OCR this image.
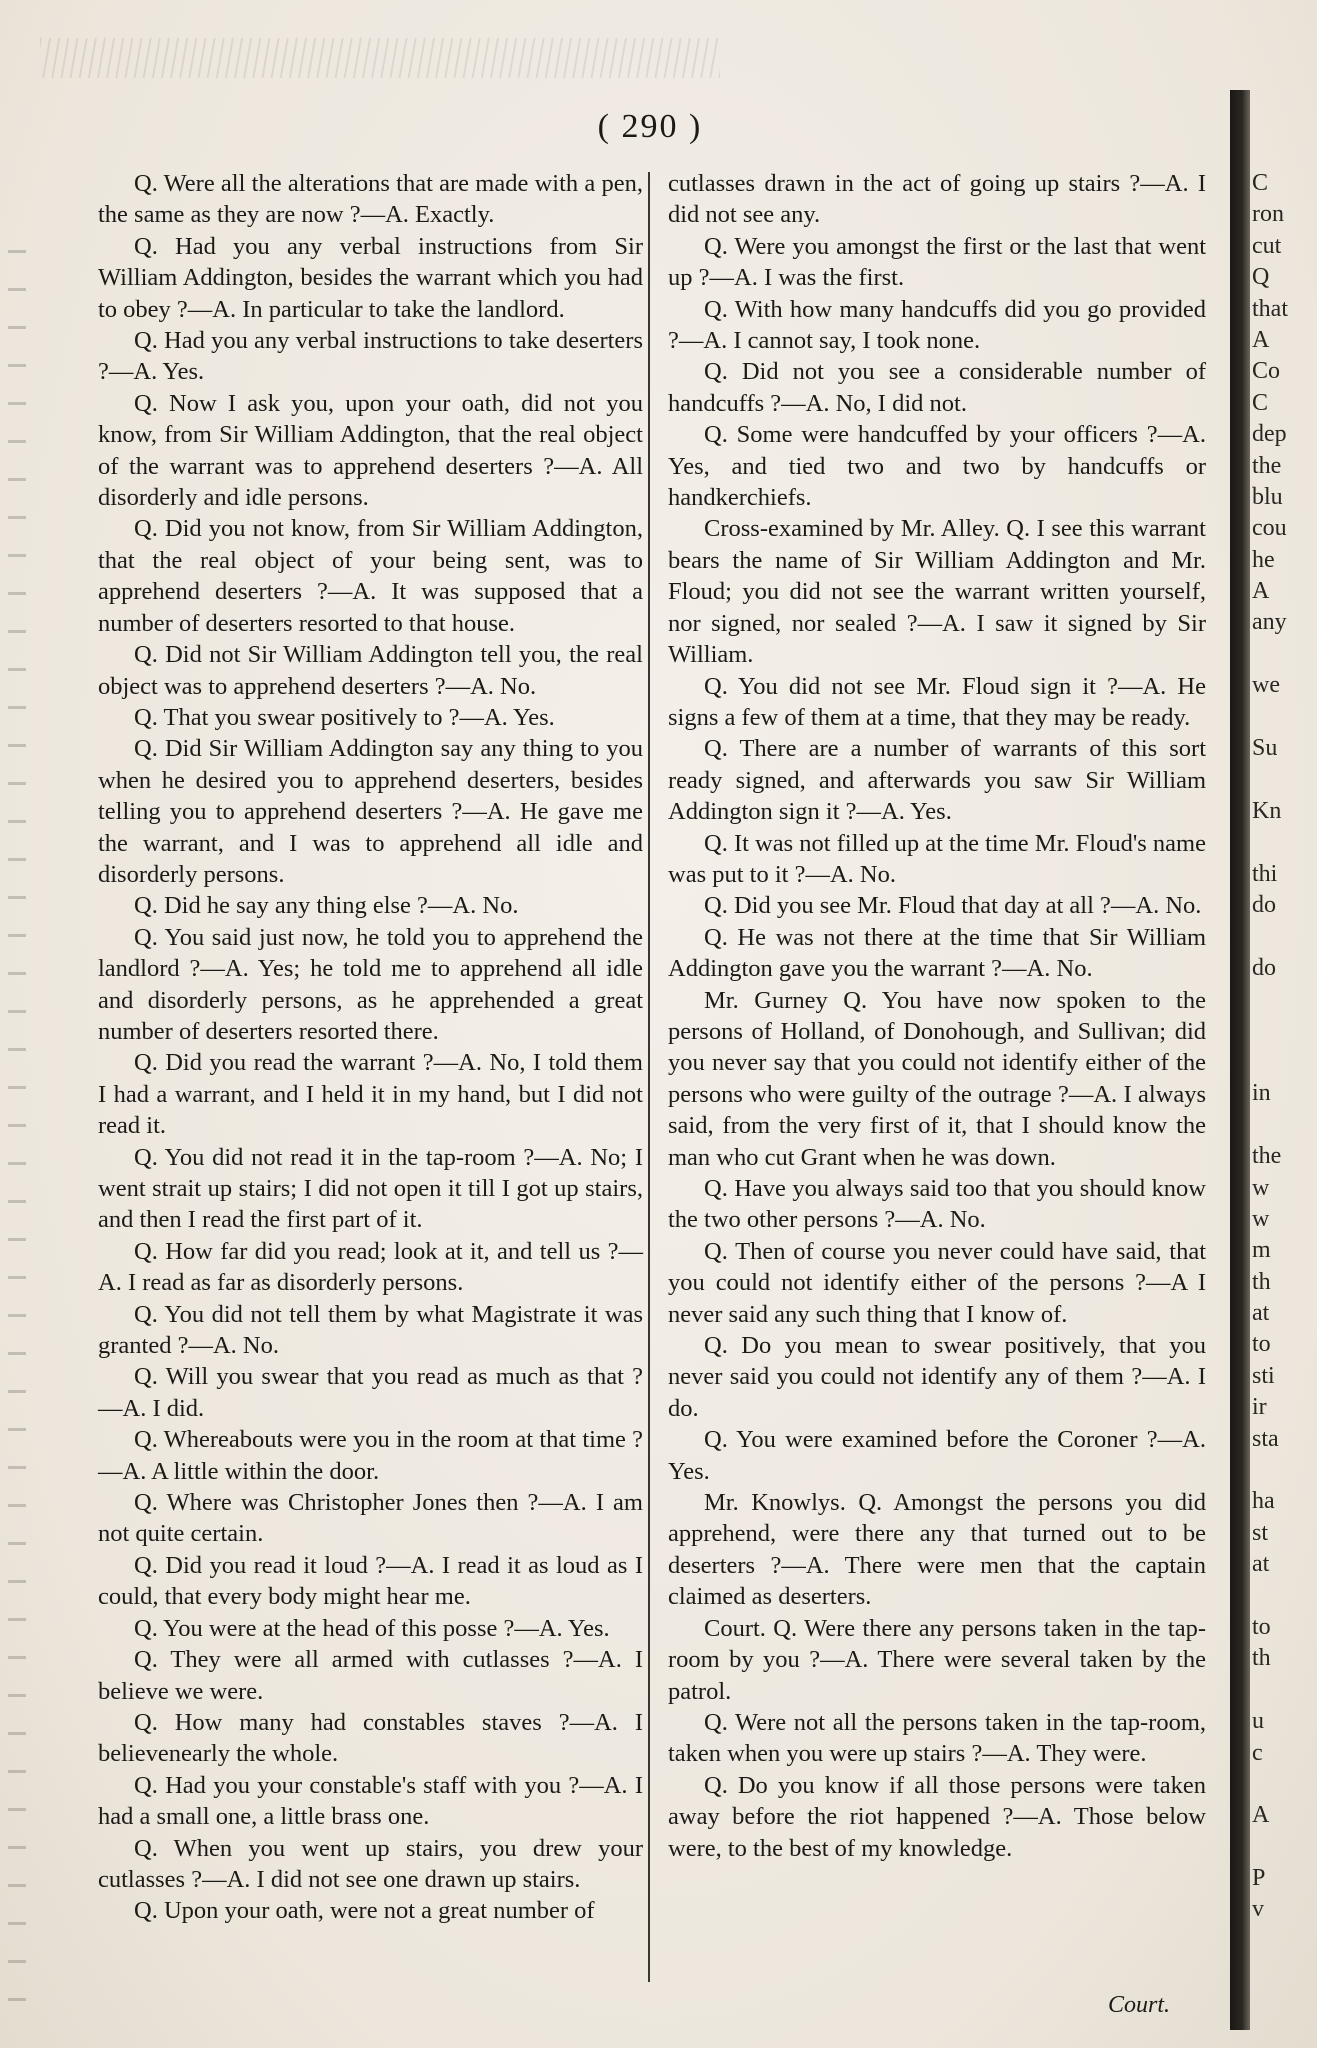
( 290 )

Q. Were all the alterations that are made with a pen, the same as they are now ?—A. Exactly.

Q. Had you any verbal instructions from Sir William Addington, besides the warrant which you had to obey ?—A. In particular to take the landlord.

Q. Had you any verbal instructions to take deserters ?—A. Yes.

Q. Now I ask you, upon your oath, did not you know, from Sir William Addington, that the real object of the warrant was to apprehend deserters ?—A. All disorderly and idle persons.

Q. Did you not know, from Sir William Addington, that the real object of your being sent, was to apprehend deserters ?—A. It was supposed that a number of deserters resorted to that house.

Q. Did not Sir William Addington tell you, the real object was to apprehend deserters ?—A. No.

Q. That you swear positively to ?—A. Yes.

Q. Did Sir William Addington say any thing to you when he desired you to apprehend deserters, besides telling you to apprehend deserters ?—A. He gave me the warrant, and I was to apprehend all idle and disorderly persons.

Q. Did he say any thing else ?—A. No.

Q. You said just now, he told you to apprehend the landlord ?—A. Yes; he told me to apprehend all idle and disorderly persons, as he apprehended a great number of deserters resorted there.

Q. Did you read the warrant ?—A. No, I told them I had a warrant, and I held it in my hand, but I did not read it.

Q. You did not read it in the tap-room ?—A. No; I went strait up stairs; I did not open it till I got up stairs, and then I read the first part of it.

Q. How far did you read; look at it, and tell us ?—A. I read as far as disorderly persons.

Q. You did not tell them by what Magistrate it was granted ?—A. No.

Q. Will you swear that you read as much as that ?—A. I did.

Q. Whereabouts were you in the room at that time ?—A. A little within the door.

Q. Where was Christopher Jones then ?—A. I am not quite certain.

Q. Did you read it loud ?—A. I read it as loud as I could, that every body might hear me.

Q. You were at the head of this posse ?—A. Yes.

Q. They were all armed with cutlasses ?—A. I believe we were.

Q. How many had constables staves ?—A. I believenearly the whole.

Q. Had you your constable's staff with you ?—A. I had a small one, a little brass one.

Q. When you went up stairs, you drew your cutlasses ?—A. I did not see one drawn up stairs.

Q. Upon your oath, were not a great number of

cutlasses drawn in the act of going up stairs ?—A. I did not see any.

Q. Were you amongst the first or the last that went up ?—A. I was the first.

Q. With how many handcuffs did you go provided ?—A. I cannot say, I took none.

Q. Did not you see a considerable number of handcuffs ?—A. No, I did not.

Q. Some were handcuffed by your officers ?—A. Yes, and tied two and two by handcuffs or handkerchiefs.

Cross-examined by Mr. Alley. Q. I see this warrant bears the name of Sir William Addington and Mr. Floud; you did not see the warrant written yourself, nor signed, nor sealed ?—A. I saw it signed by Sir William.

Q. You did not see Mr. Floud sign it ?—A. He signs a few of them at a time, that they may be ready.

Q. There are a number of warrants of this sort ready signed, and afterwards you saw Sir William Addington sign it ?—A. Yes.

Q. It was not filled up at the time Mr. Floud's name was put to it ?—A. No.

Q. Did you see Mr. Floud that day at all ?—A. No.

Q. He was not there at the time that Sir William Addington gave you the warrant ?—A. No.

Mr. Gurney Q. You have now spoken to the persons of Holland, of Donohough, and Sullivan; did you never say that you could not identify either of the persons who were guilty of the outrage ?—A. I always said, from the very first of it, that I should know the man who cut Grant when he was down.

Q. Have you always said too that you should know the two other persons ?—A. No.

Q. Then of course you never could have said, that you could not identify either of the persons ?—A I never said any such thing that I know of.

Q. Do you mean to swear positively, that you never said you could not identify any of them ?—A. I do.

Q. You were examined before the Coroner ?—A. Yes.

Mr. Knowlys. Q. Amongst the persons you did apprehend, were there any that turned out to be deserters ?—A. There were men that the captain claimed as deserters.

Court. Q. Were there any persons taken in the tap-room by you ?—A. There were several taken by the patrol.

Q. Were not all the persons taken in the tap-room, taken when you were up stairs ?—A. They were.

Q. Do you know if all those persons were taken away before the riot happened ?—A. Those below were, to the best of my knowledge.

Court.
C
ron
cut
Q
that
A
Co
C
dep
the
blu
cou
he
A
any
we
Su
Kn
thi
do
do
in
the
w
w
m
th
at
to
sti
ir
sta
ha
st
at
to
th
u
c
A
P
v
